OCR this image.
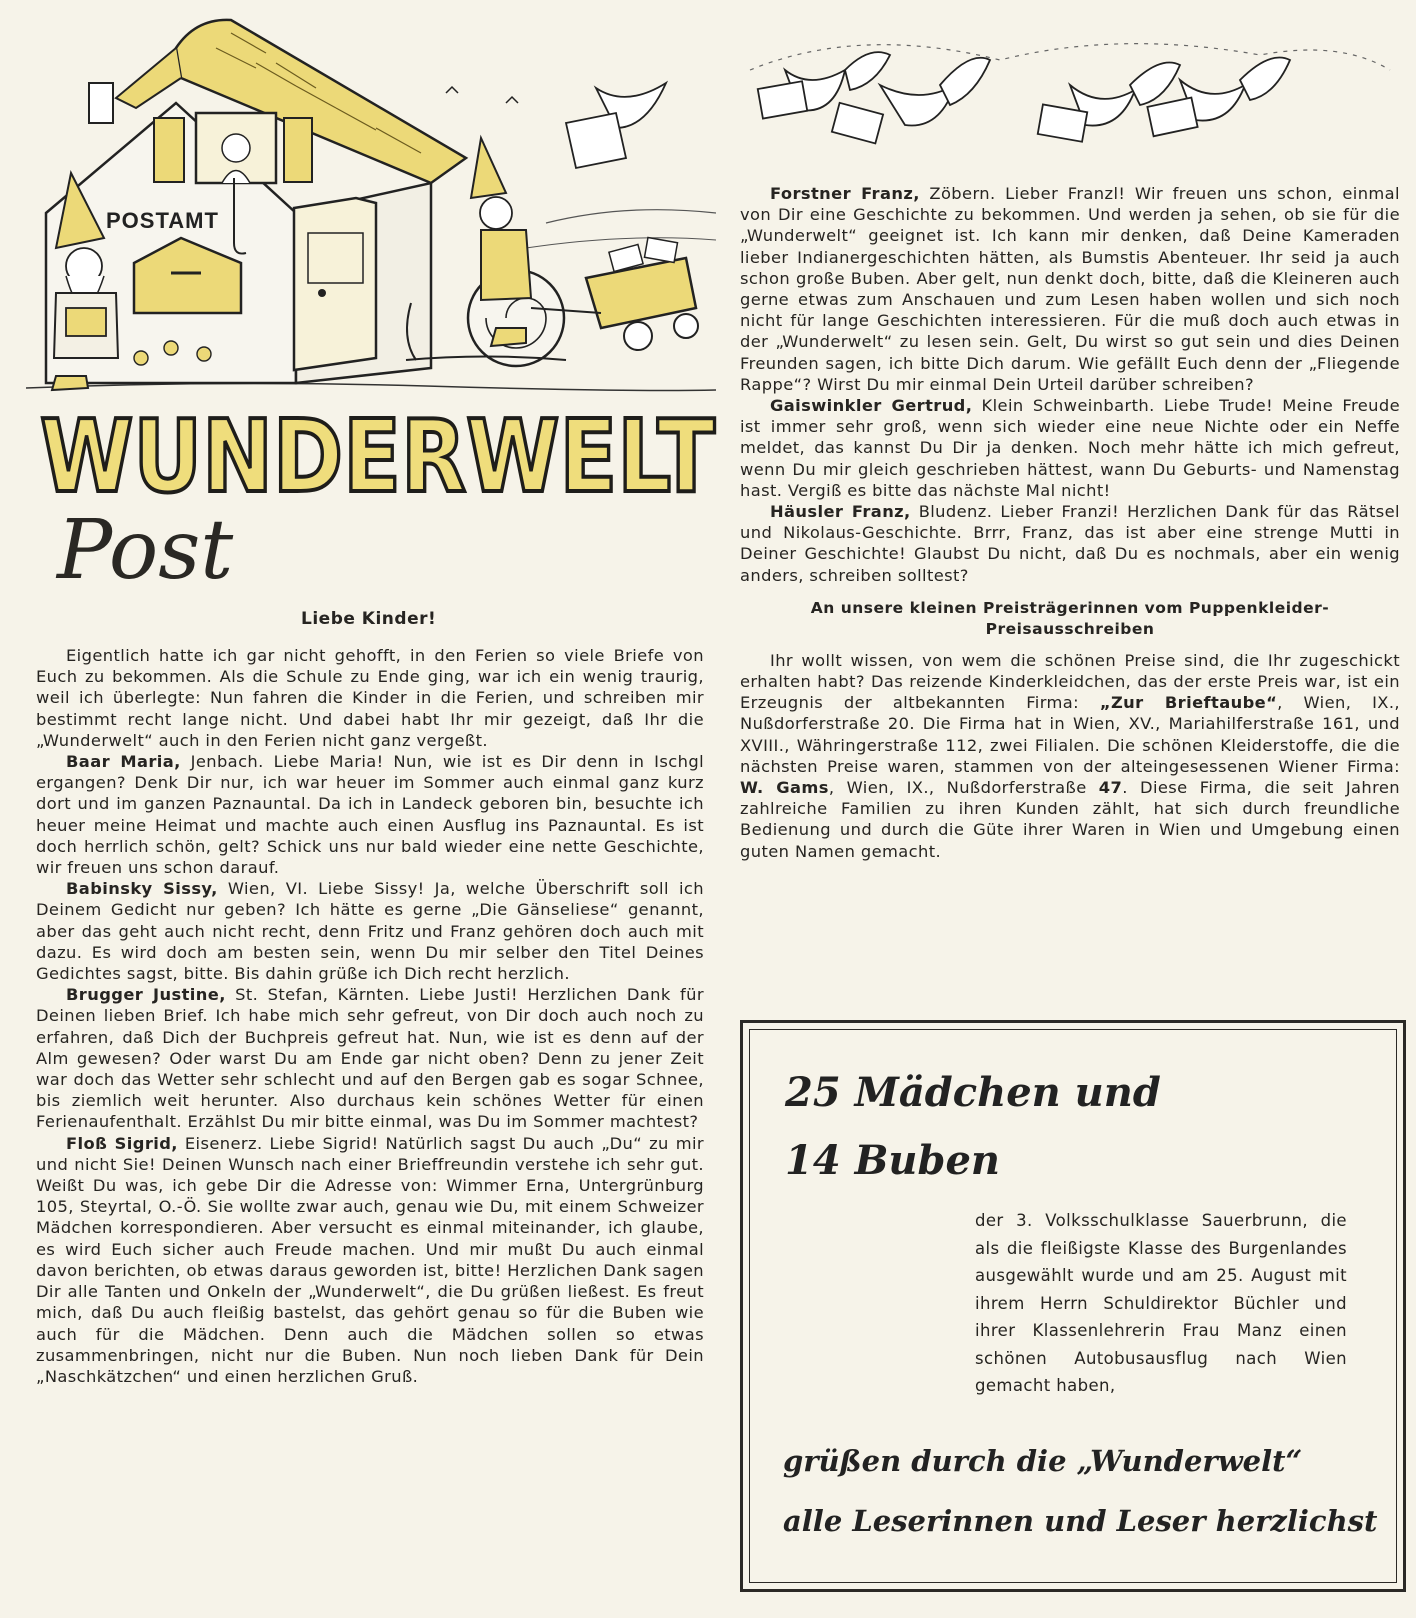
POSTAMT
WUNDERWELT
Post
Liebe Kinder!

Eigentlich hatte ich gar nicht gehofft, in den Ferien so viele Briefe von Euch zu bekommen. Als die Schule zu Ende ging, war ich ein wenig traurig, weil ich überlegte: Nun fahren die Kinder in die Ferien, und schreiben mir bestimmt recht lange nicht. Und dabei habt Ihr mir gezeigt, daß Ihr die „Wunderwelt“ auch in den Ferien nicht ganz vergeßt.

Baar Maria, Jenbach. Liebe Maria! Nun, wie ist es Dir denn in Ischgl ergangen? Denk Dir nur, ich war heuer im Sommer auch einmal ganz kurz dort und im ganzen Paznauntal. Da ich in Landeck geboren bin, besuchte ich heuer meine Heimat und machte auch einen Ausflug ins Paznauntal. Es ist doch herrlich schön, gelt? Schick uns nur bald wieder eine nette Geschichte, wir freuen uns schon darauf.

Babinsky Sissy, Wien, VI. Liebe Sissy! Ja, welche Überschrift soll ich Deinem Gedicht nur geben? Ich hätte es gerne „Die Gänseliese“ genannt, aber das geht auch nicht recht, denn Fritz und Franz gehören doch auch mit dazu. Es wird doch am besten sein, wenn Du mir selber den Titel Deines Gedichtes sagst, bitte. Bis dahin grüße ich Dich recht herzlich.

Brugger Justine, St. Stefan, Kärnten. Liebe Justi! Herzlichen Dank für Deinen lieben Brief. Ich habe mich sehr gefreut, von Dir doch auch noch zu erfahren, daß Dich der Buchpreis gefreut hat. Nun, wie ist es denn auf der Alm gewesen? Oder warst Du am Ende gar nicht oben? Denn zu jener Zeit war doch das Wetter sehr schlecht und auf den Bergen gab es sogar Schnee, bis ziemlich weit herunter. Also durchaus kein schönes Wetter für einen Ferienaufenthalt. Erzählst Du mir bitte einmal, was Du im Sommer machtest?

Floß Sigrid, Eisenerz. Liebe Sigrid! Natürlich sagst Du auch „Du“ zu mir und nicht Sie! Deinen Wunsch nach einer Brieffreundin verstehe ich sehr gut. Weißt Du was, ich gebe Dir die Adresse von: Wimmer Erna, Untergrünburg 105, Steyrtal, O.-Ö. Sie wollte zwar auch, genau wie Du, mit einem Schweizer Mädchen korrespondieren. Aber versucht es einmal miteinander, ich glaube, es wird Euch sicher auch Freude machen. Und mir mußt Du auch einmal davon berichten, ob etwas daraus geworden ist, bitte! Herzlichen Dank sagen Dir alle Tanten und Onkeln der „Wunderwelt“, die Du grüßen ließest. Es freut mich, daß Du auch fleißig bastelst, das gehört genau so für die Buben wie auch für die Mädchen. Denn auch die Mädchen sollen so etwas zusammenbringen, nicht nur die Buben. Nun noch lieben Dank für Dein „Naschkätzchen“ und einen herzlichen Gruß.

Forstner Franz, Zöbern. Lieber Franzl! Wir freuen uns schon, einmal von Dir eine Geschichte zu bekommen. Und werden ja sehen, ob sie für die „Wunderwelt“ geeignet ist. Ich kann mir denken, daß Deine Kameraden lieber Indianergeschichten hätten, als Bumstis Abenteuer. Ihr seid ja auch schon große Buben. Aber gelt, nun denkt doch, bitte, daß die Kleineren auch gerne etwas zum Anschauen und zum Lesen haben wollen und sich noch nicht für lange Geschichten interessieren. Für die muß doch auch etwas in der „Wunderwelt“ zu lesen sein. Gelt, Du wirst so gut sein und dies Deinen Freunden sagen, ich bitte Dich darum. Wie gefällt Euch denn der „Fliegende Rappe“? Wirst Du mir einmal Dein Urteil darüber schreiben?

Gaiswinkler Gertrud, Klein Schweinbarth. Liebe Trude! Meine Freude ist immer sehr groß, wenn sich wieder eine neue Nichte oder ein Neffe meldet, das kannst Du Dir ja denken. Noch mehr hätte ich mich gefreut, wenn Du mir gleich geschrieben hättest, wann Du Geburts- und Namenstag hast. Vergiß es bitte das nächste Mal nicht!

Häusler Franz, Bludenz. Lieber Franzi! Herzlichen Dank für das Rätsel und Nikolaus-Geschichte. Brrr, Franz, das ist aber eine strenge Mutti in Deiner Geschichte! Glaubst Du nicht, daß Du es nochmals, aber ein wenig anders, schreiben solltest?

An unsere kleinen Preisträgerinnen vom Puppenkleider-Preisausschreiben

Ihr wollt wissen, von wem die schönen Preise sind, die Ihr zugeschickt erhalten habt? Das reizende Kinderkleidchen, das der erste Preis war, ist ein Erzeugnis der altbekannten Firma: „Zur Brieftaube“, Wien, IX., Nußdorferstraße 20. Die Firma hat in Wien, XV., Mariahilferstraße 161, und XVIII., Währingerstraße 112, zwei Filialen. Die schönen Kleiderstoffe, die die nächsten Preise waren, stammen von der alteingesessenen Wiener Firma: W. Gams, Wien, IX., Nußdorferstraße 47. Diese Firma, die seit Jahren zahlreiche Familien zu ihren Kunden zählt, hat sich durch freundliche Bedienung und durch die Güte ihrer Waren in Wien und Umgebung einen guten Namen gemacht.

25 Mädchen und
14 Buben
der 3. Volksschulklasse Sauerbrunn, die als die fleißigste Klasse des Burgenlandes ausgewählt wurde und am 25. August mit ihrem Herrn Schuldirektor Büchler und ihrer Klassenlehrerin Frau Manz einen schönen Autobusausflug nach Wien gemacht haben,
grüßen durch die „Wunderwelt“
alle Leserinnen und Leser herzlichst
